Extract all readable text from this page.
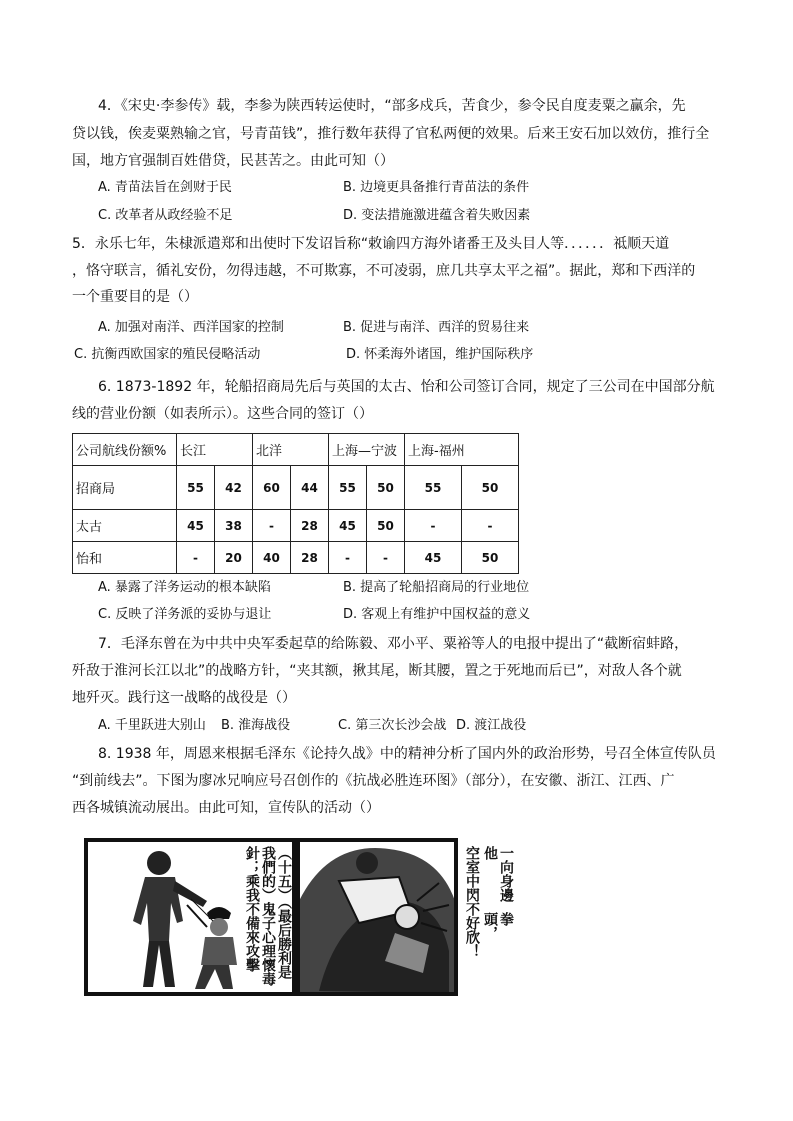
4．《宋史·李参传》载，李参为陕西转运使时，“部多戍兵，苦食少，参令民自度麦粟之赢余，先
贷以钱，俟麦粟熟输之官，号青苗钱”，推行数年获得了官私两便的效果。后来王安石加以效仿，推行全
国，地方官强制百姓借贷，民甚苦之。由此可知（）
A. 青苗法旨在剑财于民	B. 边境更具备推行青苗法的条件
C. 改革者从政经验不足	D. 变法措施激进蕴含着失败因素
5．永乐七年，朱棣派遣郑和出使时下发诏旨称“敕谕四方海外诸番王及头目人等．．．．．．祗顺天道
，恪守联言，循礼安份，勿得违越，不可欺寡，不可凌弱，庶几共享太平之福”。据此，郑和下西洋的
一个重要目的是（）
A. 加强对南洋、西洋国家的控制	B. 促进与南洋、西洋的贸易往来
C. 抗衡西欧国家的殖民侵略活动	D. 怀柔海外诸国，维护国际秩序
6. 1873-1892 年，轮船招商局先后与英国的太古、怡和公司签订合同，规定了三公司在中国部分航
线的营业份额（如表所示）。这些合同的签订（）
公司航线份额%	长江		北洋		上海—宁波		上海-福州	
招商局	55	42	60	44	55	50	55	50
太古	45	38	-	28	45	50	-	-
怡和	-	20	40	28	-	-	45	50
A. 暴露了洋务运动的根本缺陷	B. 提高了轮船招商局的行业地位
C. 反映了洋务派的妥协与退让	D. 客观上有维护中国权益的意义
7．毛泽东曾在为中共中央军委起草的给陈毅、邓小平、粟裕等人的电报中提出了“截断宿蚌路，
歼敌于淮河长江以北”的战略方针，“夹其额，揪其尾，断其腰，置之于死地而后已”，对敌人各个就
地歼灭。践行这一战略的战役是（）
A. 千里跃进大别山 B. 淮海战役	C. 第三次长沙会战 D. 渡江战役
8. 1938 年，周恩来根据毛泽东《论持久战》中的精神分析了国内外的政治形势，号召全体宣传队员
“到前线去”。下图为廖冰兄响应号召创作的《抗战必胜连环图》（部分），在安徽、浙江、江西、广
西各城镇流动展出。由此可知，宣传队的活动（）
（十五）（最后勝利是
我們的）鬼子心理懷毒
針；乘我不備來攻擊	一向身邊他
拳頭，
空室中閃不好欣！
